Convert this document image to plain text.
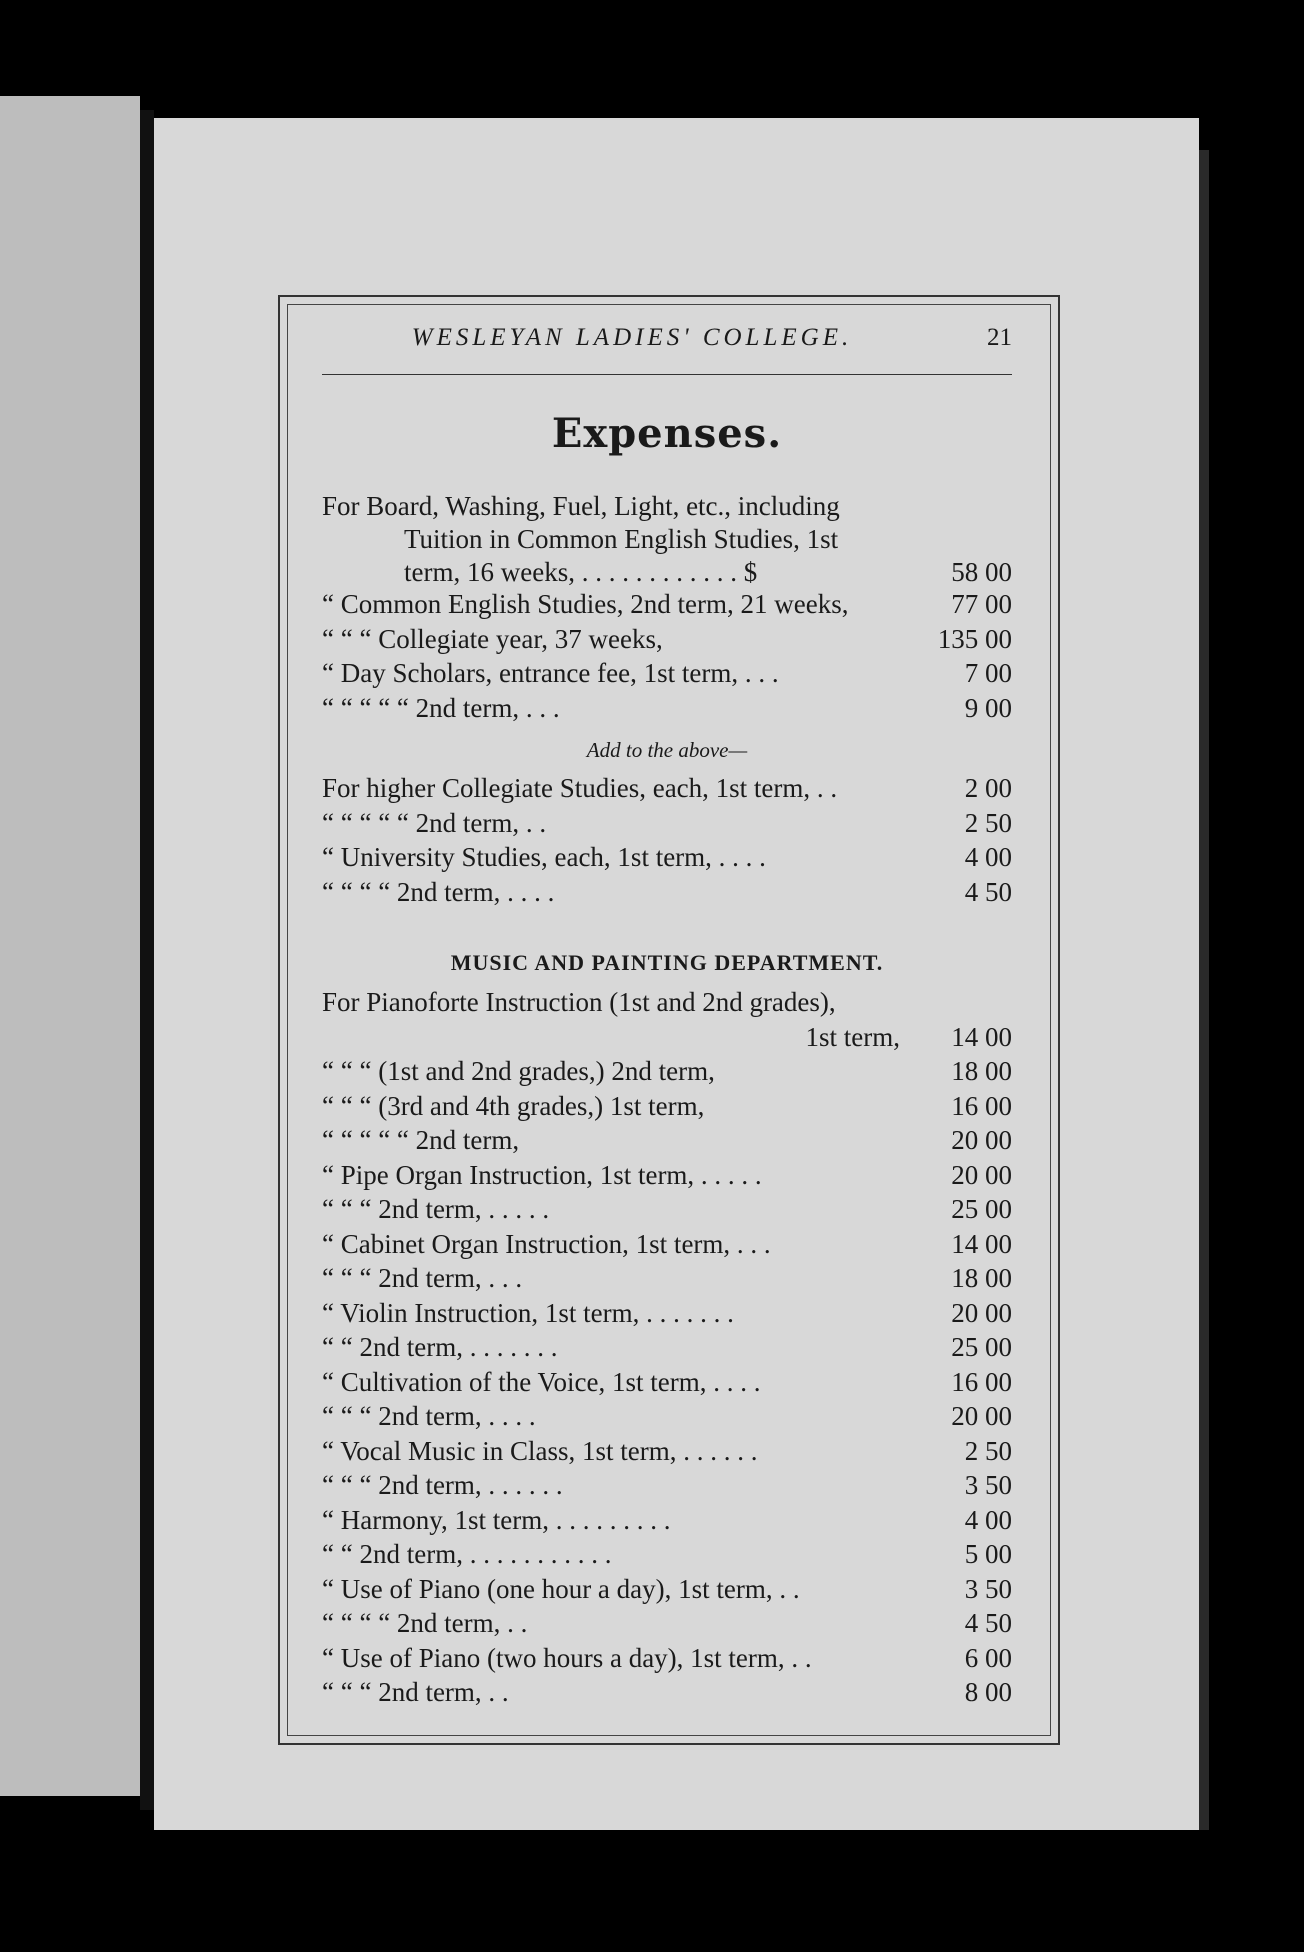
WESLEYAN LADIES' COLLEGE.	21
Expenses.
For Board, Washing, Fuel, Light, etc., including
Tuition in Common English Studies, 1st
term, 16 weeks, . . . . . . . . . . . . $	58 00
“ Common English Studies, 2nd term, 21 weeks,	77 00
“ “ “ Collegiate year, 37 weeks,	135 00
“ Day Scholars, entrance fee, 1st term, . . .	7 00
“ “ “ “ “ 2nd term, . . .	9 00
Add to the above—
For higher Collegiate Studies, each, 1st term, . .	2 00
“ “ “ “ “ 2nd term, . .	2 50
“ University Studies, each, 1st term, . . . .	4 00
“ “ “ “ 2nd term, . . . .	4 50
MUSIC AND PAINTING DEPARTMENT.
For Pianoforte Instruction (1st and 2nd grades),
1st term,	14 00
“ “ “ (1st and 2nd grades,) 2nd term,	18 00
“ “ “ (3rd and 4th grades,) 1st term,	16 00
“ “ “ “ “ 2nd term,	20 00
“ Pipe Organ Instruction, 1st term, . . . . .	20 00
“ “ “ 2nd term, . . . . .	25 00
“ Cabinet Organ Instruction, 1st term, . . .	14 00
“ “ “ 2nd term, . . .	18 00
“ Violin Instruction, 1st term, . . . . . . .	20 00
“ “ 2nd term, . . . . . . .	25 00
“ Cultivation of the Voice, 1st term, . . . .	16 00
“ “ “ 2nd term, . . . .	20 00
“ Vocal Music in Class, 1st term, . . . . . .	2 50
“ “ “ 2nd term, . . . . . .	3 50
“ Harmony, 1st term, . . . . . . . . .	4 00
“ “ 2nd term, . . . . . . . . . . .	5 00
“ Use of Piano (one hour a day), 1st term, . .	3 50
“ “ “ “ 2nd term, . .	4 50
“ Use of Piano (two hours a day), 1st term, . .	6 00
“ “ “ 2nd term, . .	8 00
